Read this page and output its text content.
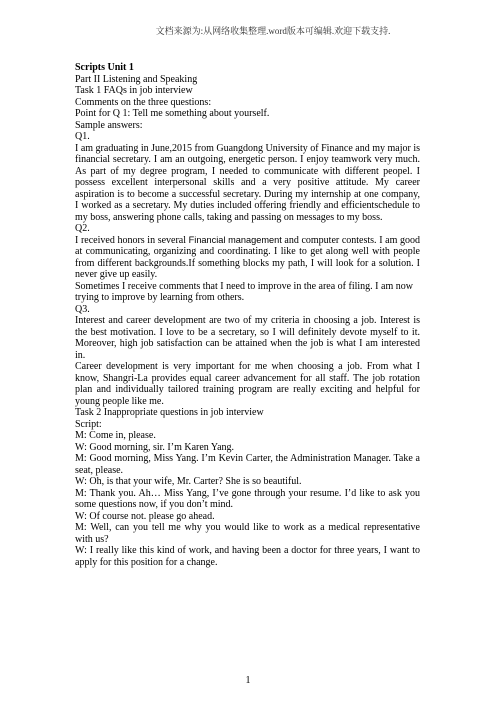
文档来源为:从网络收集整理.word版本可编辑.欢迎下载支持.

Scripts Unit 1

Part II Listening and Speaking

Task 1 FAQs in job interview

Comments on the three questions:

Point for Q 1: Tell me something about yourself.

Sample answers:

Q1.

I am graduating in June,2015 from Guangdong University of Finance and my major is financial secretary. I am an outgoing, energetic person. I enjoy teamwork very much. As part of my degree program, I needed to communicate with different peopel. I possess excellent interpersonal skills and a very positive attitude. My career aspiration is to become a successful secretary. During my internship at one company, I worked as a secretary. My duties included offering friendly and efficientschedule to my boss, answering phone calls, taking and passing on messages to my boss.

Q2.

I received honors in several Financial management and computer contests. I am good at communicating, organizing and coordinating. I like to get along well with people from different backgrounds.If something blocks my path, I will look for a solution. I never give up easily.

Sometimes I receive comments that I need to improve in the area of filing. I am now trying to improve by learning from others.

Q3.

Interest and career development are two of my criteria in choosing a job. Interest is the best motivation. I love to be a secretary, so I will definitely devote myself to it. Moreover, high job satisfaction can be attained when the job is what I am interested in.

Career development is very important for me when choosing a job. From what I know, Shangri-La provides equal career advancement for all staff. The job rotation plan and individually tailored training program are really exciting and helpful for young people like me.

Task 2 Inappropriate questions in job interview

Script:

M: Come in, please.

W: Good morning, sir. I’m Karen Yang.

M: Good morning, Miss Yang. I’m Kevin Carter, the Administration Manager. Take a seat, please.

W: Oh, is that your wife, Mr. Carter? She is so beautiful.

M: Thank you. Ah… Miss Yang, I’ve gone through your resume. I’d like to ask you some questions now, if you don’t mind.

W: Of course not. please go ahead.

M: Well, can you tell me why you would like to work as a medical representative with us?

W: I really like this kind of work, and having been a doctor for three years, I want to apply for this position for a change.

1
